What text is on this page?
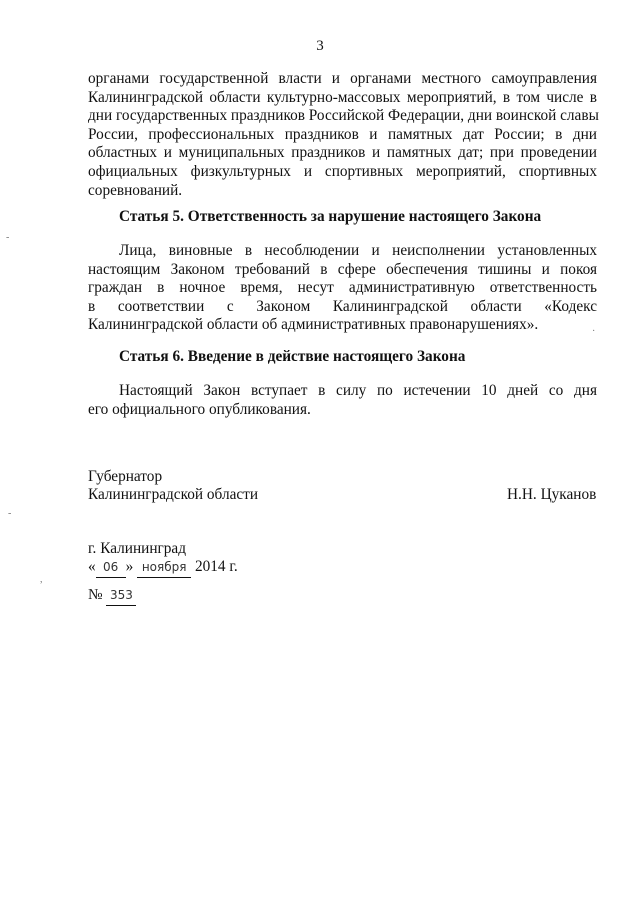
3
органами государственной власти и органами местного самоуправления
Калининградской области культурно-массовых мероприятий, в том числе в
дни государственных праздников Российской Федерации, дни воинской славы
России, профессиональных праздников и памятных дат России; в дни
областных и муниципальных праздников и памятных дат; при проведении
официальных физкультурных и спортивных мероприятий, спортивных
соревнований.
Статья 5. Ответственность за нарушение настоящего Закона
Лица, виновные в несоблюдении и неисполнении установленных
настоящим Законом требований в сфере обеспечения тишины и покоя
граждан в ночное время, несут административную ответственность
в соответствии с Законом Калининградской области «Кодекс
Калининградской области об административных правонарушениях».
Статья 6. Введение в действие настоящего Закона
Настоящий Закон вступает в силу по истечении 10 дней со дня
его официального опубликования.
Губернатор
Калининградской области	Н.Н. Цуканов
г. Калининград
« 06 » ноября 2014 г.
№ 353
-
·
-
,
